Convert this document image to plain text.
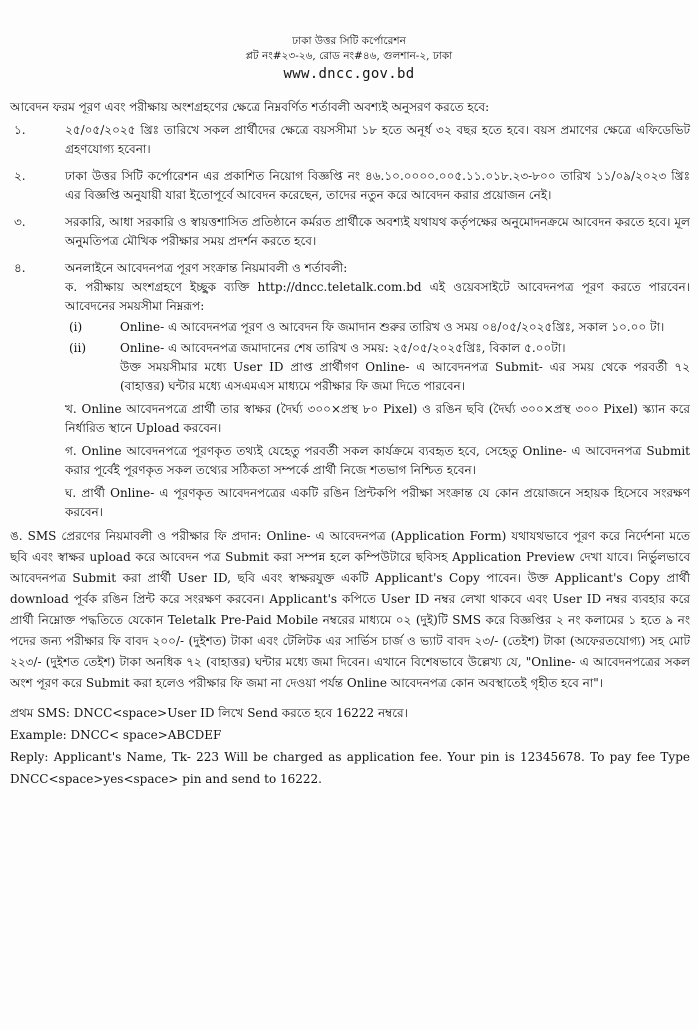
ঢাকা উত্তর সিটি কর্পোরেশন
প্লট নং#২৩-২৬, রোড নং#৪৬, গুলশান-২, ঢাকা
www.dncc.gov.bd
আবেদন ফরম পূরণ এবং পরীক্ষায় অংশগ্রহণের ক্ষেত্রে নিম্নবর্ণিত শর্তাবলী অবশ্যই অনুসরণ করতে হবে:
১.	২৫/০৫/২০২৫ খ্রিঃ তারিখে সকল প্রার্থীদের ক্ষেত্রে বয়সসীমা ১৮ হতে অনূর্ধ ৩২ বছর হতে হবে। বয়স প্রমাণের ক্ষেত্রে এফিডেভিট গ্রহণযোগ্য হবেনা।
২.	ঢাকা উত্তর সিটি কর্পোরেশন এর প্রকাশিত নিয়োগ বিজ্ঞপ্তি নং ৪৬.১০.০০০০.০০৫.১১.০১৮.২৩-৮০০ তারিখ ১১/০৯/২০২৩ খ্রিঃ এর বিজ্ঞপ্তি অনুযায়ী যারা ইতোপূর্বে আবেদন করেছেন, তাদের নতুন করে আবেদন করার প্রয়োজন নেই।
৩.	সরকারি, আধা সরকারি ও স্বায়ত্তশাসিত প্রতিষ্ঠানে কর্মরত প্রার্থীকে অবশ্যই যথাযথ কর্তৃপক্ষের অনুমোদনক্রমে আবেদন করতে হবে। মূল অনুমতিপত্র মৌখিক পরীক্ষার সময় প্রদর্শন করতে হবে।
৪.	অনলাইনে আবেদনপত্র পূরণ সংক্রান্ত নিয়মাবলী ও শর্তাবলী:
ক. পরীক্ষায় অংশগ্রহণে ইচ্ছুক ব্যক্তি http://dncc.teletalk.com.bd এই ওয়েবসাইটে আবেদনপত্র পূরণ করতে পারবেন। আবেদনের সময়সীমা নিম্নরূপ:
(i)	Online- এ আবেদনপত্র পূরণ ও আবেদন ফি জমাদান শুরুর তারিখ ও সময় ০৪/০৫/২০২৫খ্রিঃ, সকাল ১০.০০ টা।
(ii)	Online- এ আবেদনপত্র জমাদানের শেষ তারিখ ও সময়: ২৫/০৫/২০২৫খ্রিঃ, বিকাল ৫.০০টা।
উক্ত সময়সীমার মধ্যে User ID প্রাপ্ত প্রার্থীগণ Online- এ আবেদনপত্র Submit- এর সময় থেকে পরবর্তী ৭২ (বাহাত্তর) ঘন্টার মধ্যে এসএমএস মাধ্যমে পরীক্ষার ফি জমা দিতে পারবেন।
খ. Online আবেদনপত্রে প্রার্থী তার স্বাক্ষর (দৈর্ঘ্য ৩০০×প্রস্থ ৮০ Pixel) ও রঙিন ছবি (দৈর্ঘ্য ৩০০×প্রস্থ ৩০০ Pixel) স্ক্যান করে নির্ধারিত স্থানে Upload করবেন।
গ. Online আবেদনপত্রে পূরণকৃত তথ্যই যেহেতু পরবর্তী সকল কার্যক্রমে ব্যবহৃত হবে, সেহেতু Online- এ আবেদনপত্র Submit করার পূর্বেই পূরণকৃত সকল তথ্যের সঠিকতা সম্পর্কে প্রার্থী নিজে শতভাগ নিশ্চিত হবেন।
ঘ. প্রার্থী Online- এ পূরণকৃত আবেদনপত্রের একটি রঙিন প্রিন্টকপি পরীক্ষা সংক্রান্ত যে কোন প্রয়োজনে সহায়ক হিসেবে সংরক্ষণ করবেন।
ঙ. SMS প্রেরণের নিয়মাবলী ও পরীক্ষার ফি প্রদান: Online- এ আবেদনপত্র (Application Form) যথাযথভাবে পূরণ করে নির্দেশনা মতে ছবি এবং স্বাক্ষর upload করে আবেদন পত্র Submit করা সম্পন্ন হলে কম্পিউটারে ছবিসহ Application Preview দেখা যাবে। নির্ভুলভাবে আবেদনপত্র Submit করা প্রার্থী User ID, ছবি এবং স্বাক্ষরযুক্ত একটি Applicant's Copy পাবেন। উক্ত Applicant's Copy প্রার্থী download পূর্বক রঙিন প্রিন্ট করে সংরক্ষণ করবেন। Applicant's কপিতে User ID নম্বর লেখা থাকবে এবং User ID নম্বর ব্যবহার করে প্রার্থী নিম্নোক্ত পদ্ধতিতে যেকোন Teletalk Pre-Paid Mobile নম্বরের মাধ্যমে ০২ (দুই)টি SMS করে বিজ্ঞপ্তির ২ নং কলামের ১ হতে ৯ নং পদের জন্য পরীক্ষার ফি বাবদ ২০০/- (দুইশত) টাকা এবং টেলিটক এর সার্ভিস চার্জ ও ভ্যাট বাবদ ২৩/- (তেইশ) টাকা (অফেরতযোগ্য) সহ মোট ২২৩/- (দুইশত তেইশ) টাকা অনধিক ৭২ (বাহাত্তর) ঘন্টার মধ্যে জমা দিবেন। এখানে বিশেষভাবে উল্লেখ্য যে, "Online- এ আবেদনপত্রের সকল অংশ পূরণ করে Submit করা হলেও পরীক্ষার ফি জমা না দেওয়া পর্যন্ত Online আবেদনপত্র কোন অবস্থাতেই গৃহীত হবে না"।
প্রথম SMS: DNCC<space>User ID লিখে Send করতে হবে 16222 নম্বরে।
Example: DNCC< space>ABCDEF
Reply: Applicant's Name, Tk- 223 Will be charged as application fee. Your pin is 12345678. To pay fee Type DNCC<space>yes<space> pin and send to 16222.
